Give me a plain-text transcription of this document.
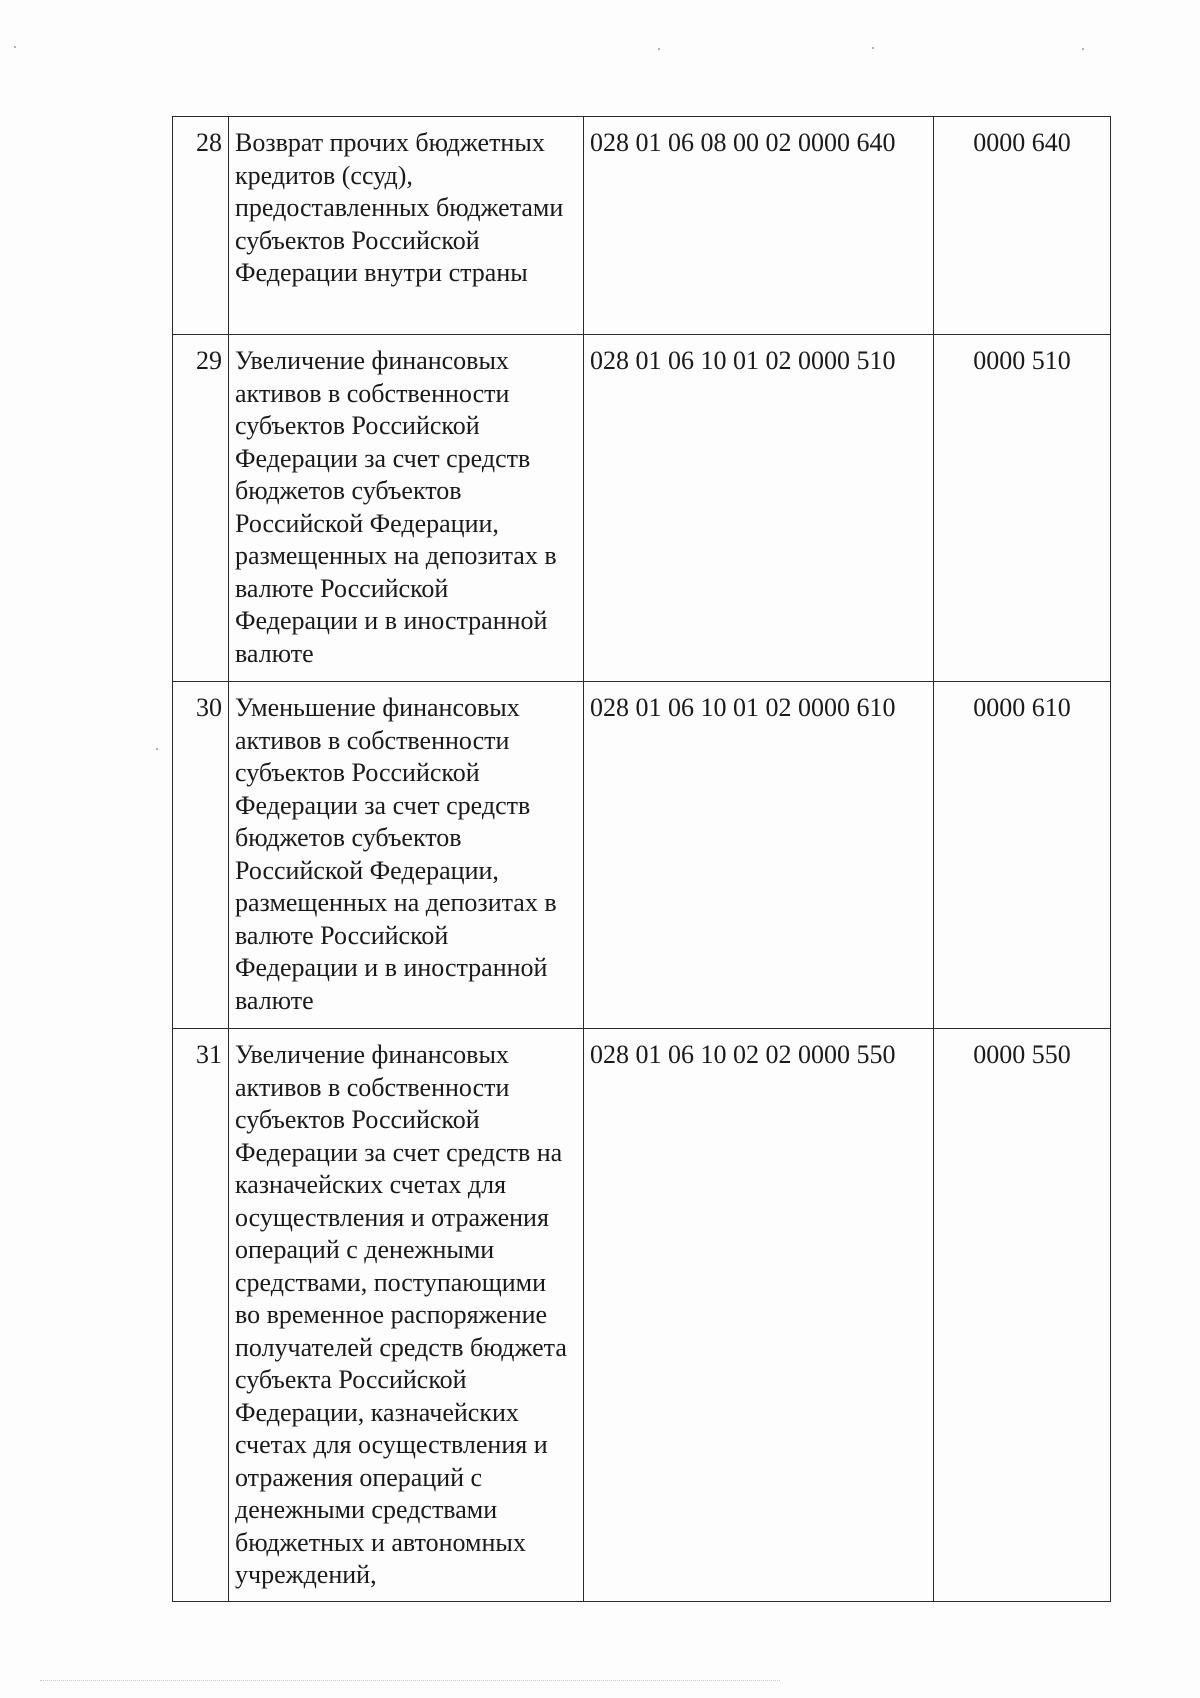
28	Возврат прочих бюджетных кредитов (ссуд), предоставленных бюджетами субъектов Российской Федерации внутри страны	028 01 06 08 00 02 0000 640	0000 640
29	Увеличение финансовых активов в собственности субъектов Российской Федерации за счет средств бюджетов субъектов Российской Федерации, размещенных на депозитах в валюте Российской Федерации и в иностранной валюте	028 01 06 10 01 02 0000 510	0000 510
30	Уменьшение финансовых активов в собственности субъектов Российской Федерации за счет средств бюджетов субъектов Российской Федерации, размещенных на депозитах в валюте Российской Федерации и в иностранной валюте	028 01 06 10 01 02 0000 610	0000 610
31	Увеличение финансовых активов в собственности субъектов Российской Федерации за счет средств на казначейских счетах для осуществления и отражения операций с денежными средствами, поступающими во временное распоряжение получателей средств бюджета субъекта Российской Федерации, казначейских счетах для осуществления и отражения операций с денежными средствами бюджетных и автономных учреждений,	028 01 06 10 02 02 0000 550	0000 550
